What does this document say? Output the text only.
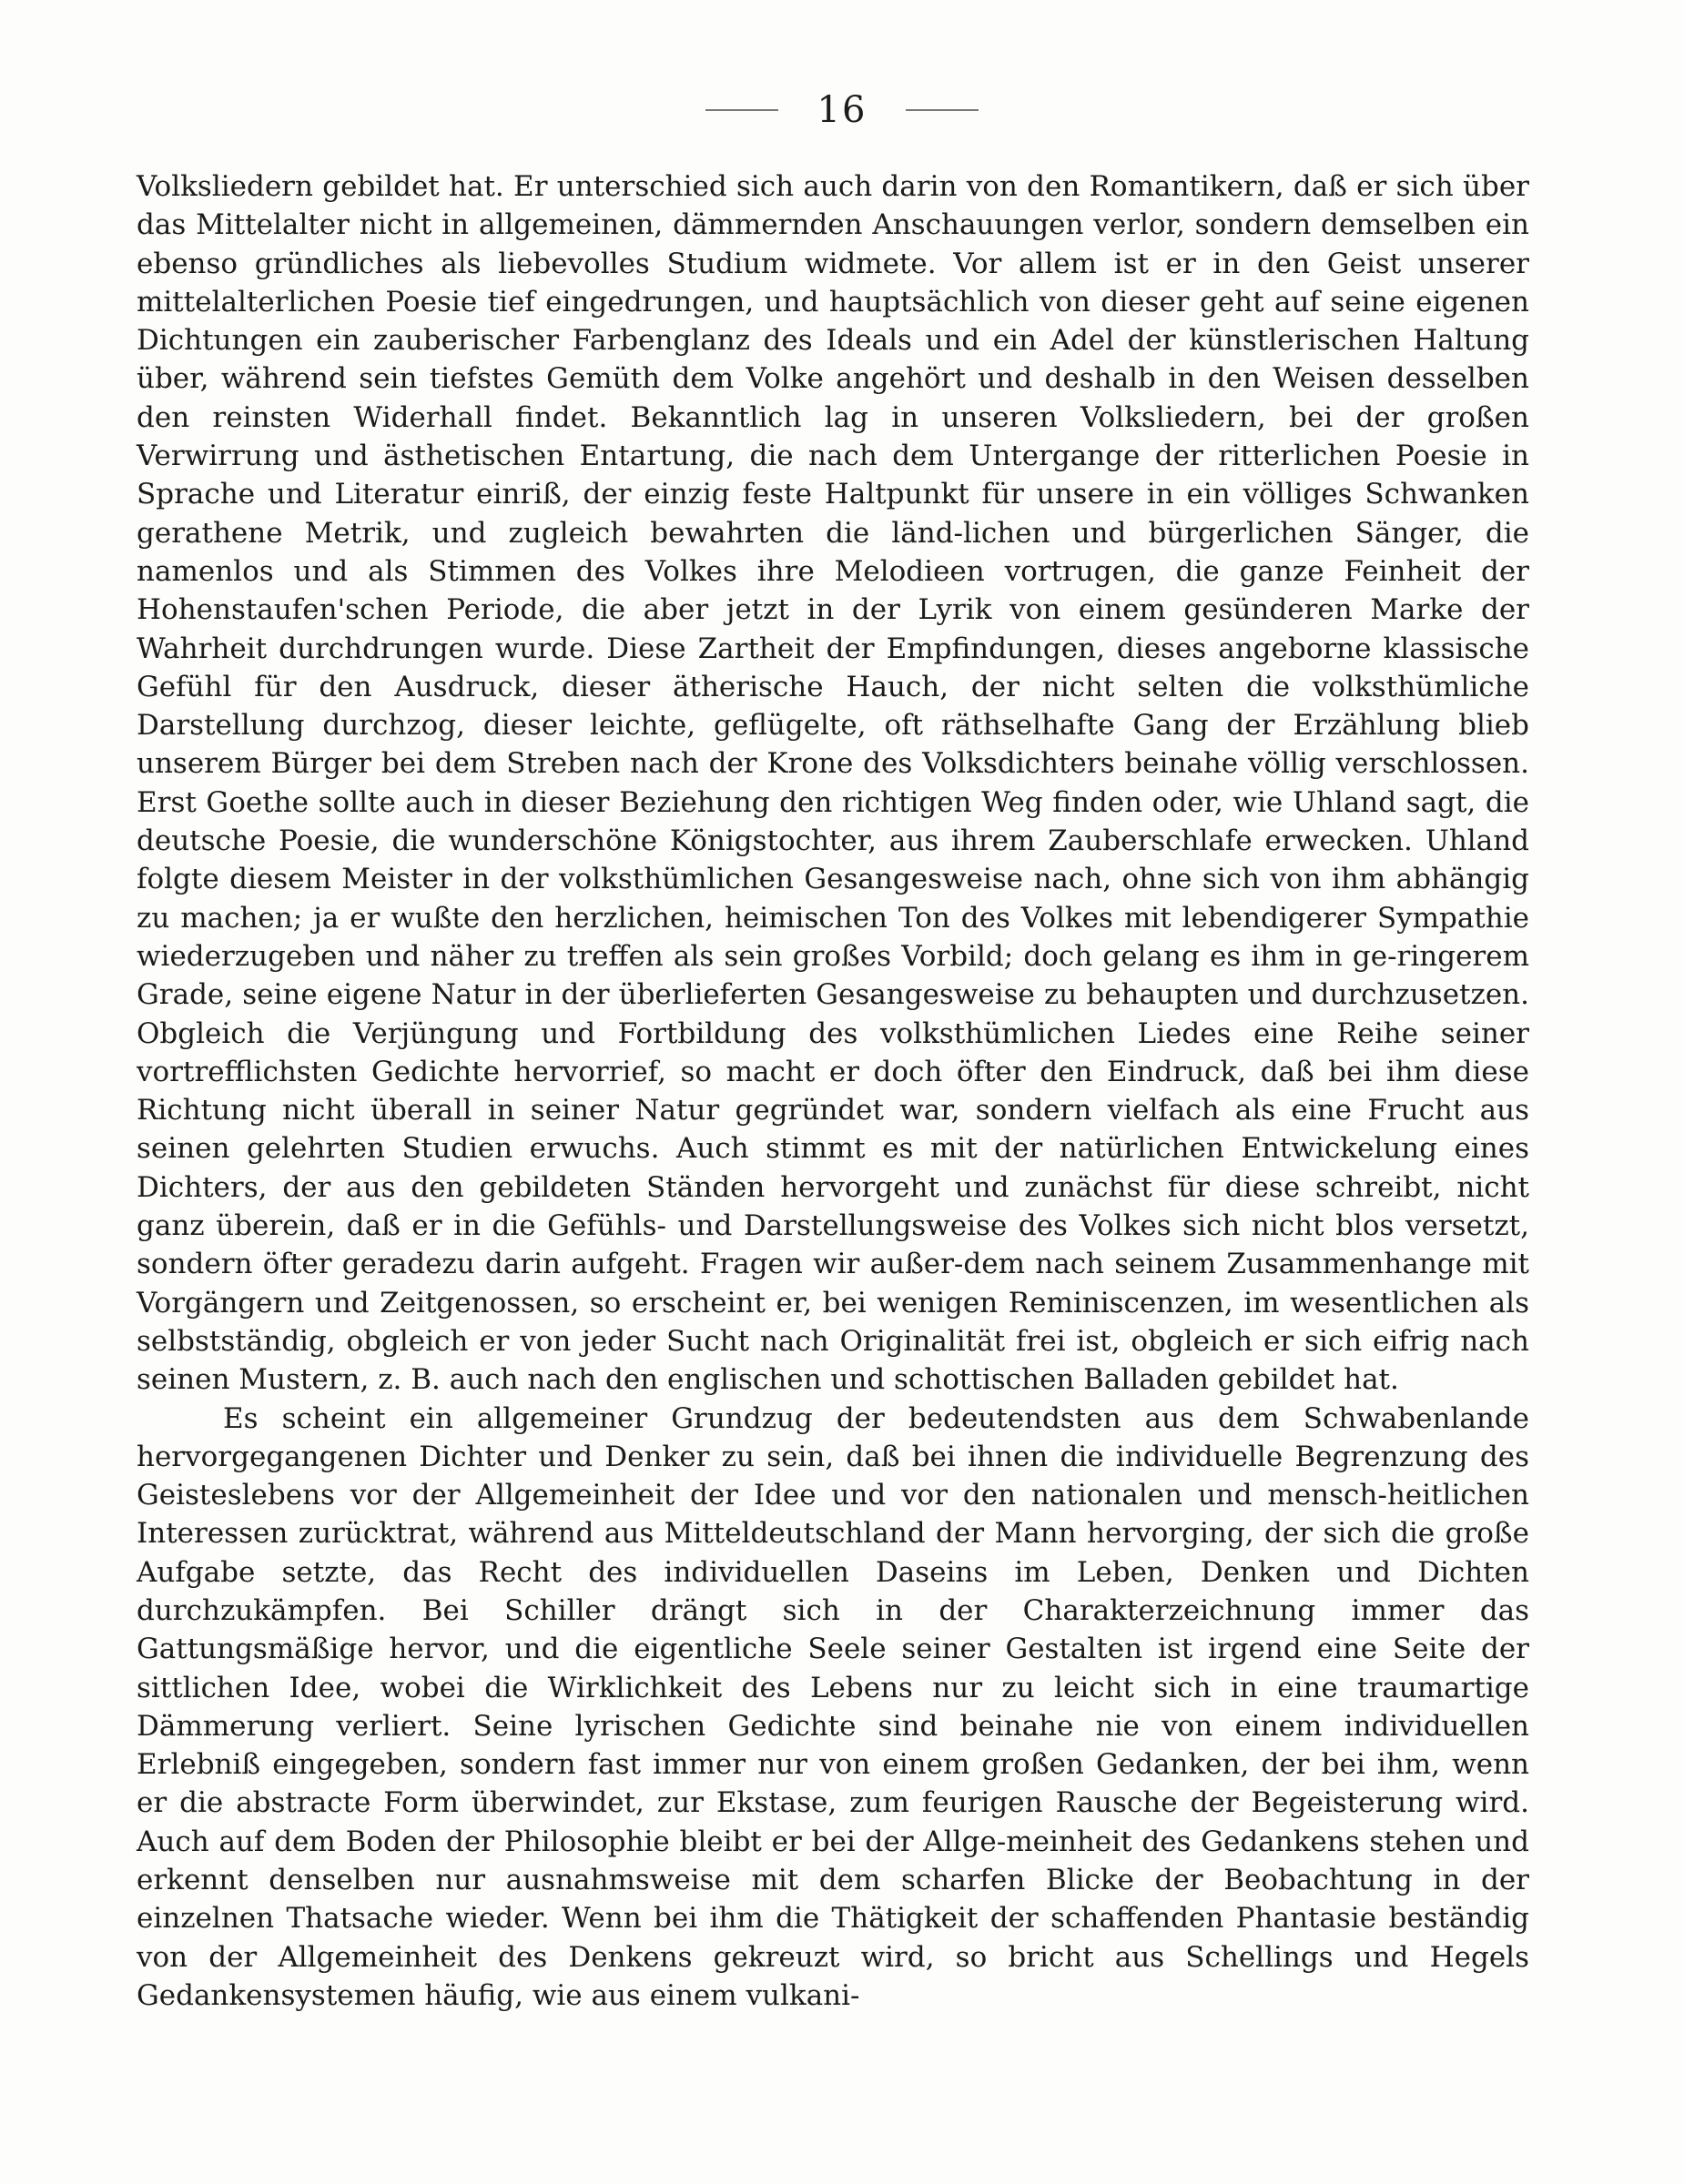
16

Volksliedern gebildet hat. Er unterschied sich auch darin von den Romantikern, daß er sich über das Mittelalter nicht in allgemeinen, dämmernden Anschauungen verlor, sondern demselben ein ebenso gründliches als liebevolles Studium widmete. Vor allem ist er in den Geist unserer mittelalterlichen Poesie tief eingedrungen, und hauptsächlich von dieser geht auf seine eigenen Dichtungen ein zauberischer Farbenglanz des Ideals und ein Adel der künstlerischen Haltung über, während sein tiefstes Gemüth dem Volke angehört und deshalb in den Weisen desselben den reinsten Widerhall findet. Bekanntlich lag in unseren Volksliedern, bei der großen Verwirrung und ästhetischen Entartung, die nach dem Untergange der ritterlichen Poesie in Sprache und Literatur einriß, der einzig feste Haltpunkt für unsere in ein völliges Schwanken gerathene Metrik, und zugleich bewahrten die länd-lichen und bürgerlichen Sänger, die namenlos und als Stimmen des Volkes ihre Melodieen vortrugen, die ganze Feinheit der Hohenstaufen'schen Periode, die aber jetzt in der Lyrik von einem gesünderen Marke der Wahrheit durchdrungen wurde. Diese Zartheit der Empfindungen, dieses angeborne klassische Gefühl für den Ausdruck, dieser ätherische Hauch, der nicht selten die volksthümliche Darstellung durchzog, dieser leichte, geflügelte, oft räthselhafte Gang der Erzählung blieb unserem Bürger bei dem Streben nach der Krone des Volksdichters beinahe völlig verschlossen. Erst Goethe sollte auch in dieser Beziehung den richtigen Weg finden oder, wie Uhland sagt, die deutsche Poesie, die wunderschöne Königstochter, aus ihrem Zauberschlafe erwecken. Uhland folgte diesem Meister in der volksthümlichen Gesangesweise nach, ohne sich von ihm abhängig zu machen; ja er wußte den herzlichen, heimischen Ton des Volkes mit lebendigerer Sympathie wiederzugeben und näher zu treffen als sein großes Vorbild; doch gelang es ihm in ge-ringerem Grade, seine eigene Natur in der überlieferten Gesangesweise zu behaupten und durchzusetzen. Obgleich die Verjüngung und Fortbildung des volksthümlichen Liedes eine Reihe seiner vortrefflichsten Gedichte hervorrief, so macht er doch öfter den Eindruck, daß bei ihm diese Richtung nicht überall in seiner Natur gegründet war, sondern vielfach als eine Frucht aus seinen gelehrten Studien erwuchs. Auch stimmt es mit der natürlichen Entwickelung eines Dichters, der aus den gebildeten Ständen hervorgeht und zunächst für diese schreibt, nicht ganz überein, daß er in die Gefühls- und Darstellungsweise des Volkes sich nicht blos versetzt, sondern öfter geradezu darin aufgeht. Fragen wir außer-dem nach seinem Zusammenhange mit Vorgängern und Zeitgenossen, so erscheint er, bei wenigen Reminiscenzen, im wesentlichen als selbstständig, obgleich er von jeder Sucht nach Originalität frei ist, obgleich er sich eifrig nach seinen Mustern, z. B. auch nach den englischen und schottischen Balladen gebildet hat.

Es scheint ein allgemeiner Grundzug der bedeutendsten aus dem Schwabenlande hervorgegangenen Dichter und Denker zu sein, daß bei ihnen die individuelle Begrenzung des Geisteslebens vor der Allgemeinheit der Idee und vor den nationalen und mensch-heitlichen Interessen zurücktrat, während aus Mitteldeutschland der Mann hervorging, der sich die große Aufgabe setzte, das Recht des individuellen Daseins im Leben, Denken und Dichten durchzukämpfen. Bei Schiller drängt sich in der Charakterzeichnung immer das Gattungsmäßige hervor, und die eigentliche Seele seiner Gestalten ist irgend eine Seite der sittlichen Idee, wobei die Wirklichkeit des Lebens nur zu leicht sich in eine traumartige Dämmerung verliert. Seine lyrischen Gedichte sind beinahe nie von einem individuellen Erlebniß eingegeben, sondern fast immer nur von einem großen Gedanken, der bei ihm, wenn er die abstracte Form überwindet, zur Ekstase, zum feurigen Rausche der Begeisterung wird. Auch auf dem Boden der Philosophie bleibt er bei der Allge-meinheit des Gedankens stehen und erkennt denselben nur ausnahmsweise mit dem scharfen Blicke der Beobachtung in der einzelnen Thatsache wieder. Wenn bei ihm die Thätigkeit der schaffenden Phantasie beständig von der Allgemeinheit des Denkens gekreuzt wird, so bricht aus Schellings und Hegels Gedankensystemen häufig, wie aus einem vulkani-
